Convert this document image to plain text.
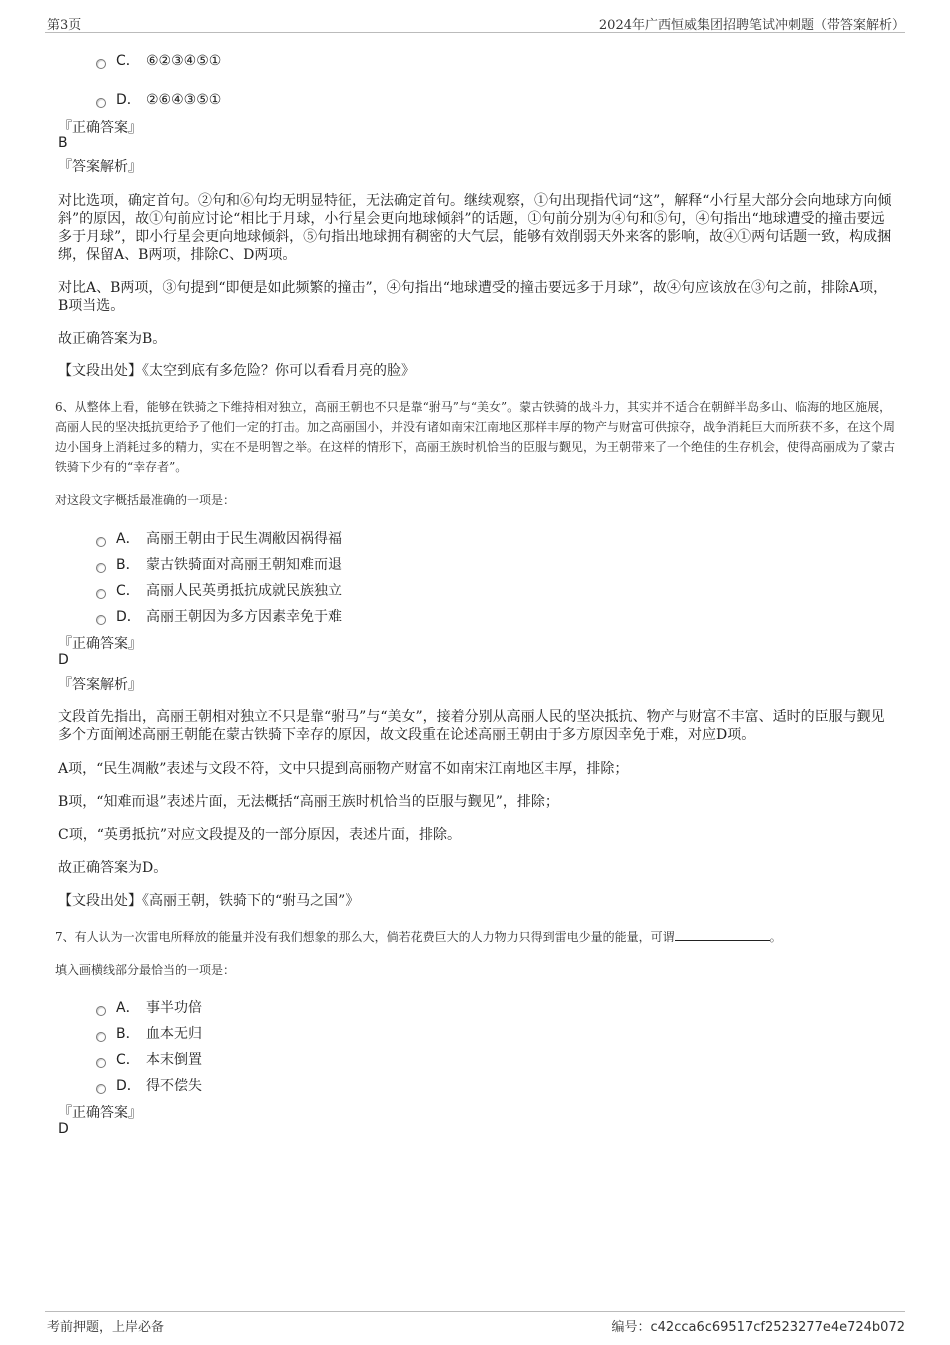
第3页	2024年广西恒威集团招聘笔试冲刺题（带答案解析）
C． ⑥②③④⑤①
D． ②⑥④③⑤①
『正确答案』
B
『答案解析』
对比选项，确定首句。②句和⑥句均无明显特征，无法确定首句。继续观察，①句出现指代词“这”，解释“小行星大部分会向地球方向倾斜”的原因，故①句前应讨论“相比于月球，小行星会更向地球倾斜”的话题，①句前分别为④句和⑤句，④句指出“地球遭受的撞击要远多于月球”，即小行星会更向地球倾斜，⑤句指出地球拥有稠密的大气层，能够有效削弱天外来客的影响，故④①两句话题一致，构成捆绑，保留A、B两项，排除C、D两项。
对比A、B两项，③句提到“即便是如此频繁的撞击”，④句指出“地球遭受的撞击要远多于月球”，故④句应该放在③句之前，排除A项，B项当选。
故正确答案为B。
【文段出处】《太空到底有多危险？你可以看看月亮的脸》
6、从整体上看，能够在铁骑之下维持相对独立，高丽王朝也不只是靠“驸马”与“美女”。蒙古铁骑的战斗力，其实并不适合在朝鲜半岛多山、临海的地区施展，高丽人民的坚决抵抗更给予了他们一定的打击。加之高丽国小，并没有诸如南宋江南地区那样丰厚的物产与财富可供掠夺，战争消耗巨大而所获不多，在这个周边小国身上消耗过多的精力，实在不是明智之举。在这样的情形下，高丽王族时机恰当的臣服与觐见，为王朝带来了一个绝佳的生存机会，使得高丽成为了蒙古铁骑下少有的“幸存者”。
对这段文字概括最准确的一项是：
A． 高丽王朝由于民生凋敝因祸得福
B． 蒙古铁骑面对高丽王朝知难而退
C． 高丽人民英勇抵抗成就民族独立
D． 高丽王朝因为多方因素幸免于难
『正确答案』
D
『答案解析』
文段首先指出，高丽王朝相对独立不只是靠“驸马”与“美女”，接着分别从高丽人民的坚决抵抗、物产与财富不丰富、适时的臣服与觐见多个方面阐述高丽王朝能在蒙古铁骑下幸存的原因，故文段重在论述高丽王朝由于多方原因幸免于难，对应D项。
A项，“民生凋敝”表述与文段不符，文中只提到高丽物产财富不如南宋江南地区丰厚，排除；
B项，“知难而退”表述片面，无法概括“高丽王族时机恰当的臣服与觐见”，排除；
C项，“英勇抵抗”对应文段提及的一部分原因，表述片面，排除。
故正确答案为D。
【文段出处】《高丽王朝，铁骑下的“驸马之国”》
7、有人认为一次雷电所释放的能量并没有我们想象的那么大，倘若花费巨大的人力物力只得到雷电少量的能量，可谓	。
填入画横线部分最恰当的一项是：
A． 事半功倍
B． 血本无归
C． 本末倒置
D． 得不偿失
『正确答案』
D
考前押题，上岸必备	编号：c42cca6c69517cf2523277e4e724b072
